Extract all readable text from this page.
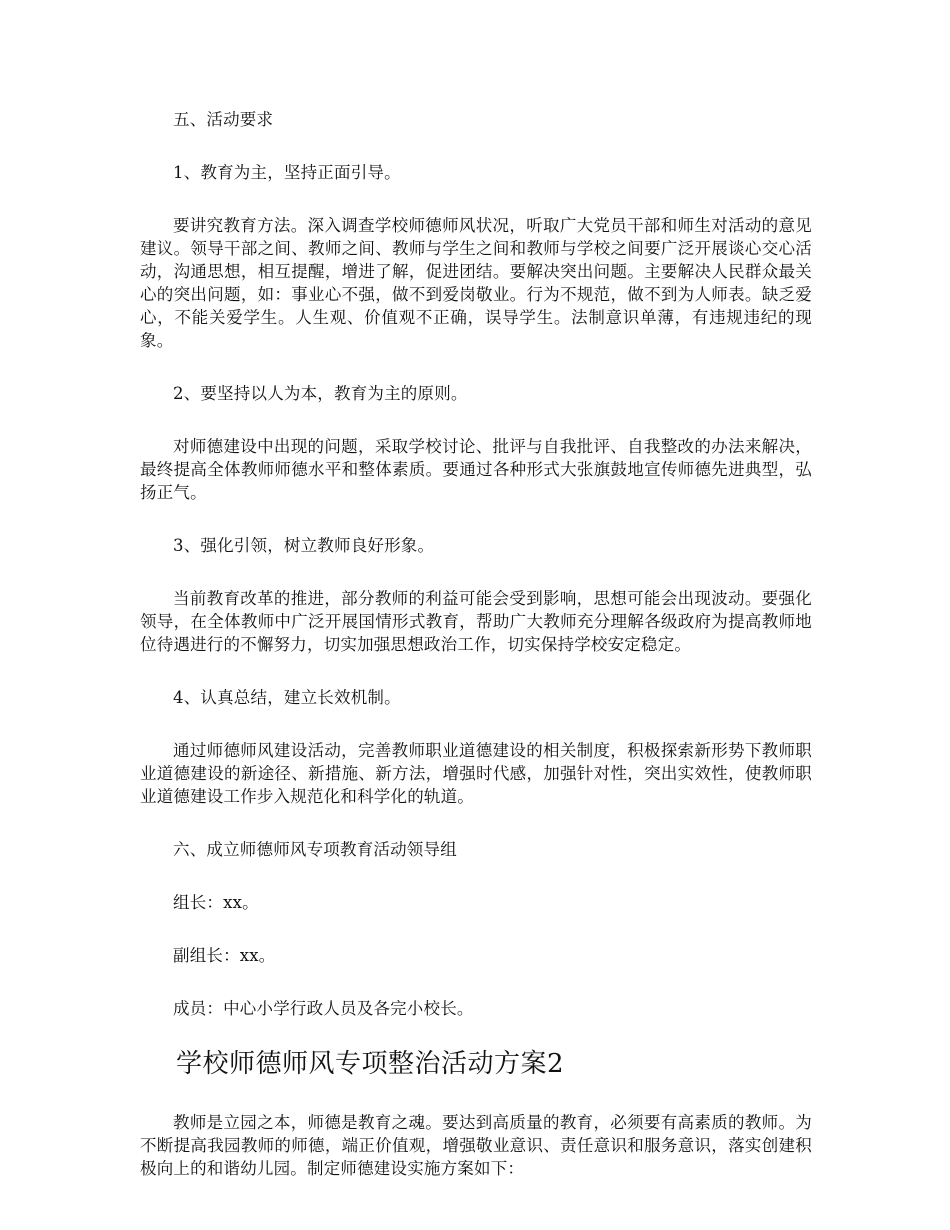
五、活动要求

1、教育为主，坚持正面引导。

要讲究教育方法。深入调查学校师德师风状况，听取广大党员干部和师生对活动的意见建议。领导干部之间、教师之间、教师与学生之间和教师与学校之间要广泛开展谈心交心活动，沟通思想，相互提醒，增进了解，促进团结。要解决突出问题。主要解决人民群众最关心的突出问题，如：事业心不强，做不到爱岗敬业。行为不规范，做不到为人师表。缺乏爱心，不能关爱学生。人生观、价值观不正确，误导学生。法制意识单薄，有违规违纪的现象。

2、要坚持以人为本，教育为主的原则。

对师德建设中出现的问题，采取学校讨论、批评与自我批评、自我整改的办法来解决，最终提高全体教师师德水平和整体素质。要通过各种形式大张旗鼓地宣传师德先进典型，弘扬正气。

3、强化引领，树立教师良好形象。

当前教育改革的推进，部分教师的利益可能会受到影响，思想可能会出现波动。要强化领导，在全体教师中广泛开展国情形式教育，帮助广大教师充分理解各级政府为提高教师地位待遇进行的不懈努力，切实加强思想政治工作，切实保持学校安定稳定。

4、认真总结，建立长效机制。

通过师德师风建设活动，完善教师职业道德建设的相关制度，积极探索新形势下教师职业道德建设的新途径、新措施、新方法，增强时代感，加强针对性，突出实效性，使教师职业道德建设工作步入规范化和科学化的轨道。

六、成立师德师风专项教育活动领导组

组长：xx。

副组长：xx。

成员：中心小学行政人员及各完小校长。

学校师德师风专项整治活动方案2

教师是立园之本，师德是教育之魂。要达到高质量的教育，必须要有高素质的教师。为不断提高我园教师的师德，端正价值观，增强敬业意识、责任意识和服务意识，落实创建积极向上的和谐幼儿园。制定师德建设实施方案如下：
